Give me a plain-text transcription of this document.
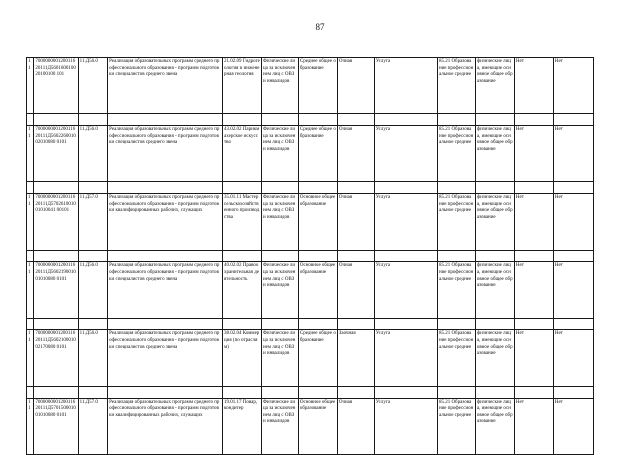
87
11	700000000120011620111Д560160010020100100 101	11.Д56.0	Реализация образовательных программ среднего профессионального образования - программ подготовки специалистов среднего звена	21.02.09 Гидрогеология и инженерная геология	Физические лица за исключением лиц с ОВЗ и инвалидов	Среднее общее образование	Очная	Услуга	85.21 Образование профессиональное среднее	физические лица, имеющие основное общее образование	Нет	Нет

11	700000000120011620111Д560226001002010080 0101	11.Д56.0	Реализация образовательных программ среднего профессионального образования - программ подготовки специалистов среднего звена	43.02.02 Парикмахерское искусство	Физические лица за исключением лиц с ОВЗ и инвалидов	Среднее общее образование	Очная	Услуга	85.21 Образование профессиональное среднее	физические лица, имеющие основное общее образование	Нет	Нет

11	700000000120011620111Д570261001001010041 00101	11.Д57.0	Реализация образовательных программ среднего профессионального образования - программ подготовки квалифицированных рабочих, служащих	35.01.11 Мастер сельскохозяйственного производства	Физические лица за исключением лиц с ОВЗ и инвалидов	Основное общее образование	Очная	Услуга	85.21 Образование профессиональное среднее	физические лица, имеющие основное общее образование	Нет	Нет

11	700000000120011620111Д560219001001010080 0101	11.Д56.0	Реализация образовательных программ среднего профессионального образования - программ подготовки специалистов среднего звена	40.02.02 Правоохранительная деятельность	Физические лица за исключением лиц с ОВЗ и инвалидов	Основное общее образование	Очная	Услуга	85.21 Образование профессиональное среднее	физические лица, имеющие основное общее образование	Нет	Нет

11	700000000120011620111Д560210001002170080 0101	11.Д56.0	Реализация образовательных программ среднего профессионального образования - программ подготовки специалистов среднего звена	38.02.04 Коммерция (по отраслям)	Физические лица за исключением лиц с ОВЗ и инвалидов	Среднее общее образование	Заочная	Услуга	85.21 Образование профессиональное среднее	физические лица, имеющие основное общее образование	Нет	Нет

11	700000000120011620111Д570150001001010080 0101	11.Д57.0	Реализация образовательных программ среднего профессионального образования - программ подготовки квалифицированных рабочих, служащих	19.01.17 Повар, кондитер	Физические лица за исключением лиц с ОВЗ и инвалидов	Основное общее образование	Очная	Услуга	85.21 Образование профессиональное среднее	физические лица, имеющие основное общее образование	Нет	Нет
